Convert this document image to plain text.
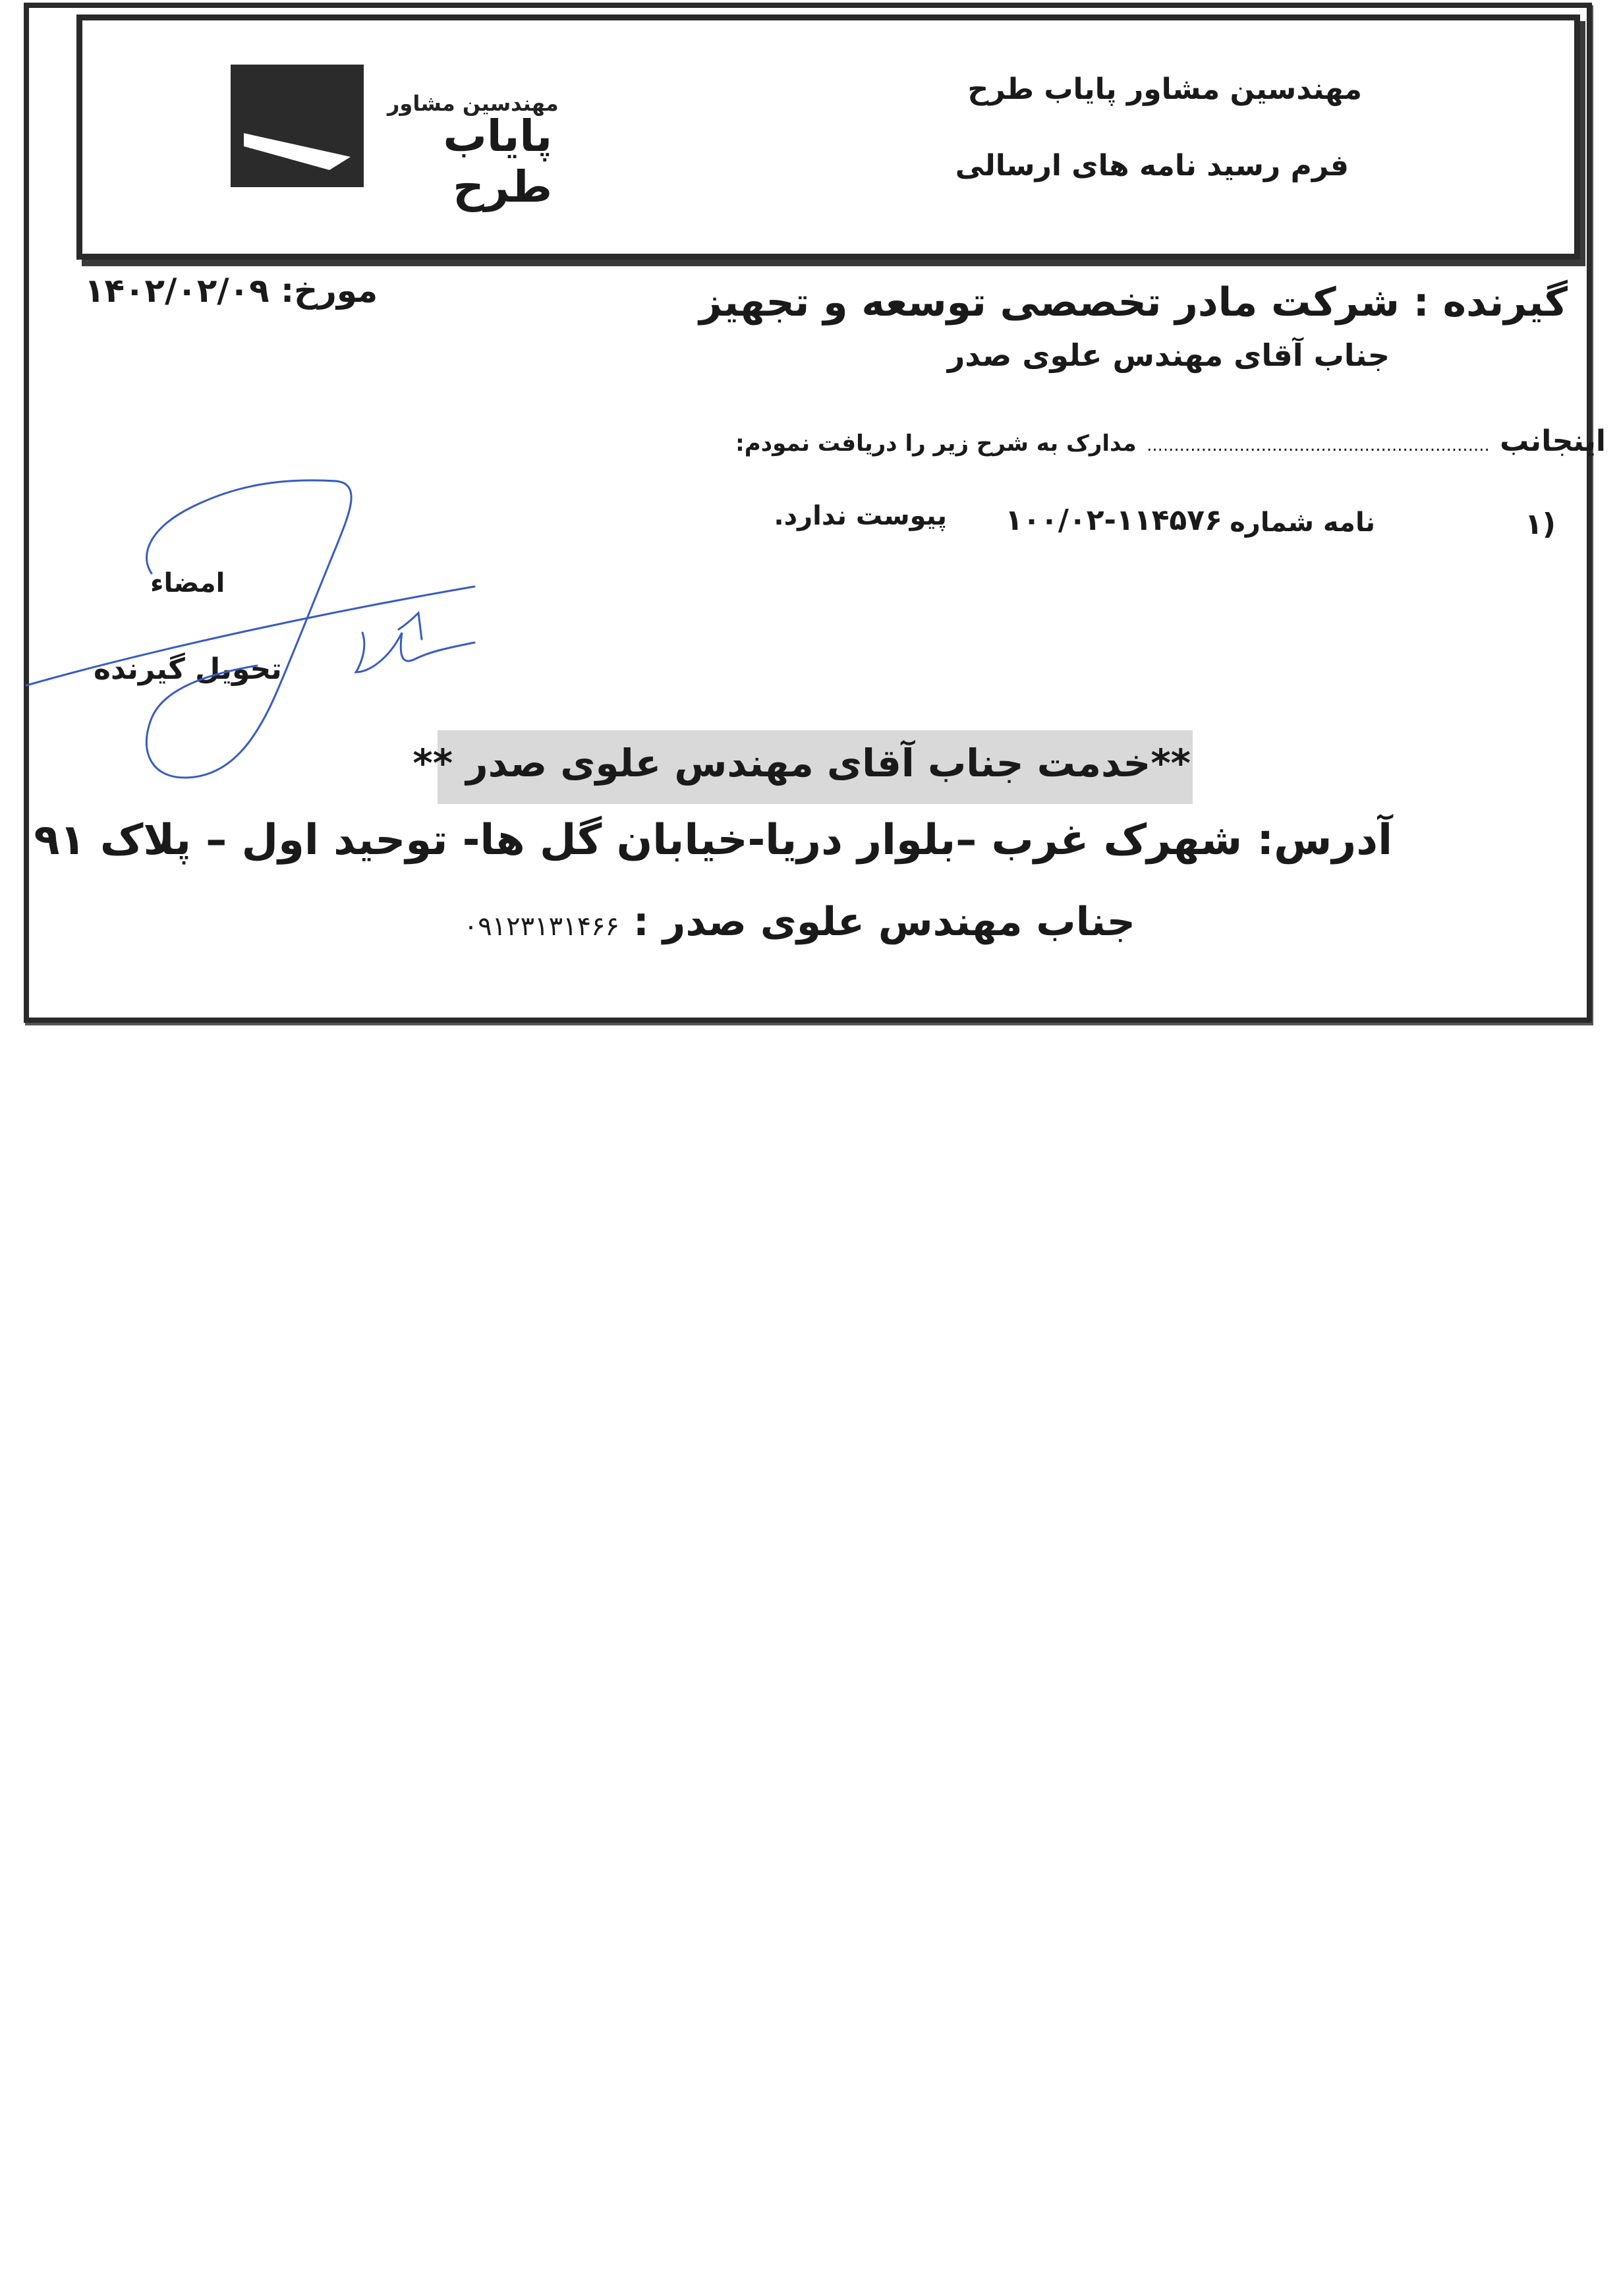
مهندسین مشاور
پایاب طرح
مهندسین مشاور پایاب طرح
فرم رسید نامه های ارسالی
مورخ: ۱۴۰۲/۰۲/۰۹	گیرنده : شرکت مادر تخصصی توسعه و تجهیز
جناب آقای مهندس علوی صدر
اینجانب ............................................................... مدارک به شرح زیر را دریافت نمودم:
۱)
نامه شماره
۱۰۰/۰۲-۱۱۴۵۷۶
پیوست ندارد.
امضاء
تحویل گیرنده
**خدمت جناب آقای مهندس علوی صدر **
آدرس: شهرک غرب –بلوار دریا-خیابان گل ها- توحید اول – پلاک ۹۱
جناب مهندس علوی صدر : ۰۹۱۲۳۱۳۱۴۶۶
